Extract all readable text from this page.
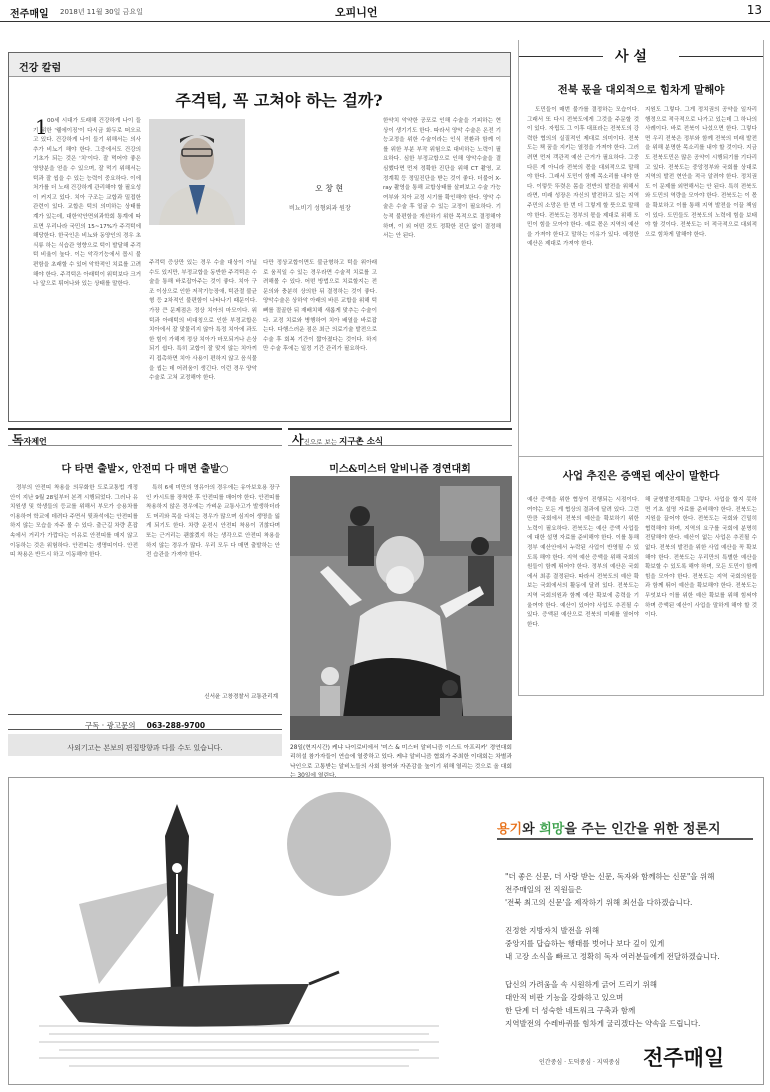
전주매일 2018년 11월 30일 금요일	오피니언	13
건강 칼럼
주걱턱, 꼭 고쳐야 하는 걸까?
1 00세 시대가 도래해 건강하게 나이 들기 위한 '웰에이징'이 다시금 화두로 떠오르고 있다. 건강하게 나이 들기 위해서는 의사추가 비뇨기 해야 한다. 그중에서도 건강의 기초가 되는 것은 '치'이다. 잘 먹어야 좋은 영양분을 얻을 수 있으며, 잘 먹기 위해서는 턱과 잘 씹을 수 있는 능력이 중요하다. 이에 처가를 더 노래 건강하게 관리해야 할 필요성이 커지고 있다. 치아 구조는 교합과 밀접한 관련이 있다. 교합은 턱의 의미하는 상태를 계가 있는데, 대한악안면외과학회 통계에 따르면 우리나라 국민의 15~17%가 주걱턱에 해당한다. 한국인은 비뇨와 동양인의 경우 초식류 하는 식습관 영향으로 턱이 발달해 주걱턱 비율이 높다. 이는 악각기능에서 몹시 불편함을 초래할 수 있어 악학적인 치료를 고려해야 한다. 주걱턱은 아래턱이 위턱보다 크거나 앞으로 튀어나와 있는 상태를 말한다.
오 창 현
비뇨비기 성형외과 원장
주걱턱 증상만 있는 경우 수술 대상이 아닐 수도 있지만, 부정교합을 동반한 주걱턱은 수술을 통해 바로잡아주는 것이 좋다. 치아 구조 이상으로 인한 저작기능장애, 턱관절 불균형 등 2차적인 불편함이 나타나기 때문이다. 가장 큰 문제점은 정상 치아의 마모이다. 위턱과 아래턱의 비대칭으로 인한 부정교합은 치아에서 잘 맞물리지 않아 특정 치아에 과도한 힘이 가해져 정상 치아가 마모되거나 손상되기 쉽다. 특히 교합이 잘 맞지 않는 치아끼리 접촉하면 치아 사용이 편하지 않고 음식물을 씹는 데 어려움이 생긴다. 이런 경우 양악수술로 고쳐 교정해야 한다.
다만 정상교합이면도 불균형하고 턱을 위아래로 움직일 수 있는 경우라면 수술적 치료를 고려해볼 수 있다. 어떤 방법으로 치료할지는 전문의와 충분히 상의한 뒤 결정하는 것이 좋다. 양악수술은 상하악 아래의 바른 교합을 위해 턱뼈를 절골한 뒤 재배치해 새롭게 맞추는 수술이다. 교정 치료와 병행하여 치아 배열을 바로잡는다. 다행스러운 점은 최근 의료기술 발전으로 수술 후 회복 기간이 짧아졌다는 것이다. 하지만 수술 후에는 일정 기간 관리가 필요하다.
한약치 악약한 공포로 인해 수술을 기피하는 현상이 생기기도 한다. 따라서 양악 수술은 온전 기능교정을 위한 수술이라는 인식 전환과 함께 이를 위한 부분 부작 위험으로 대비하는 노력이 필요하다. 심한 부정교합으로 인해 양악수술을 결심했다면 먼저 정확한 진단을 위해 CT 촬영, 교정계획 등 정밀진단을 받는 것이 좋다. 더불어 X-ray 촬영을 통해 교합상태를 살펴보고 수술 가능 여부와 치아 교정 시기를 확인해야 한다. 양악 수술은 수술 후 얼굴 수 있는 교정이 필요하다. 기능적 불편함을 개선하기 위한 목적으로 결정해야 하며, 이 외 어떤 것도 정확한 진단 없이 결정해서는 안 된다.
사 설
전북 몫을 대외적으로 힘차게 말해야
도민들이 매번 불가를 결정하는 모습이다. 그래서 또 다시 전북도에게 그것을 주문할 것이 있다. 자립도 그 이후 대표라는 전북도의 강력한 협의의 실질적인 제대로 의미이다. 전북도는 책 꿈을 지키는 열정을 가져야 한다. 그러려면 먼저 객관적 예산 근거가 필요하다. 그중 다른 게 아니라 전북의 몫을 대외적으로 말해야 한다. 그래서 도민이 함께 목소리를 내야 한다. 이렇듯 뚜렷은 몸을 전반의 발전을 위해서라면, 미래 성장은 자신의 발전하고 있는 지역 주민의 소망은 한 번 더 그렇게 할 뜻으로 말해야 한다. 전북도는 정부의 몫을 제대로 위해 도민이 힘을 모아야 한다. 예로 몫은 지역의 예산을 가져야 한다고 말하는 이유가 있다. 예정한 예산은 제대로 가져야 한다.
지원도 그렇다. 그게 정치권의 공약을 일자리 행정으로 적극적으로 나가고 있는데 그 하나의 사례이다. 바로 전북이 나섰으면 한다. 그렇다면 우리 전북은 정부와 함께 전북의 미래 발전을 위해 분명한 목소리를 내야 할 것이다. 지금도 전북도민은 많은 공약이 시행되기를 기다리고 있다. 전북도는 중앙정부와 국회를 상대로 지역의 발전 현안을 적극 알려야 한다. 정치권도 이 문제를 외면해서는 안 된다. 특히 전북도와 도민의 역량을 모아야 한다. 전북도는 이 몫을 확보하고 이를 통해 지역 발전을 이끌 책임이 있다. 도민들도 전북도의 노력에 힘을 보태야 할 것이다. 전북도는 더 적극적으로 대외적으로 힘차게 말해야 한다.
사업 추진은 증액된 예산이 말한다
예산 증액을 위한 협상이 진행되는 시점이다. 여야는 모든 게 협상의 결과에 달려 있다. 그런 만큼 국회에서 전북의 예산을 확보하기 위한 노력이 필요하다. 전북도는 예산 증액 사업들에 대한 설명 자료를 준비해야 한다. 이를 통해 정부 예산안에서 누락된 사업이 반영될 수 있도록 해야 한다. 지역 예산 증액을 위해 국회의원들이 함께 뛰어야 한다. 정부의 예산은 국회에서 최종 결정된다. 따라서 전북도의 예산 확보는 국회에서의 활동에 달려 있다. 전북도는 지역 국회의원과 함께 예산 확보에 총력을 기울여야 한다. 예산이 있어야 사업도 추진될 수 있다. 증액된 예산으로 전북의 미래를 열어야 한다.
해 균형발전계획을 그렇다. 사업을 할지 못하면 기초 설명 자료를 준비해야 한다. 전북도는 지원을 끌어야 한다. 전북도는 국회와 긴밀히 협력해야 하며, 지역의 요구를 국회에 분명히 전달해야 한다. 예산이 없는 사업은 추진될 수 없다. 전북의 발전을 위한 사업 예산을 꼭 확보해야 한다. 전북도는 우리만의 특별한 예산을 확보할 수 있도록 해야 하며, 모든 도민이 함께 힘을 모아야 한다. 전북도는 지역 국회의원들과 함께 뛰어 예산을 확보해야 한다. 전북도는 무엇보다 이를 위한 예산 확보를 위해 힘써야 하며 증액된 예산이 사업을 말하게 해야 할 것이다.
독자제언
다 타면 출발×, 안전띠 다 매면 출발○
정부의 안전띠 착용을 의무화한 도로교통법 개정안이 지난 9월 28일부터 본격 시행되었다. 그러나 유치원생 및 학생들의 등교를 위해서 부모가 승용차를 이용하여 학교에 데려다 주면서 뒷좌석에는 안전띠를 하지 않는 모습을 자주 볼 수 있다. 출근길 차량 혼잡 속에서 거리가 가깝다는 이유로 안전띠를 매지 않고 이동하는 것은 위험하다. 안전띠는 생명띠이다. 안전띠 착용은 반드시 하고 이동해야 한다.
특히 6세 미만의 영유아의 경우에는 유아보호용 장구인 카시트를 장착한 후 안전띠를 매어야 한다. 안전띠를 착용하지 않은 경우에는 가벼운 교통사고가 발생하더라도 머리와 목을 다치는 경우가 많으며 심지어 생명을 잃게 되기도 한다. 차량 운전시 안전띠 착용이 귀찮다며 또는 근거리는 괜찮겠지 하는 생각으로 안전띠 착용을 하지 않는 경우가 많다. 우리 모두 다 매면 출발하는 안전 습관을 가져야 한다.
신서윤 고창경찰서 교통관리계
구독 · 광고문의 063-288-9700
사외기고는 본보의 편집방향과 다를 수도 있습니다.
사진으로 보는 지구촌 소식
미스&미스터 알비니즘 경연대회
28일(현지시간) 케냐 나이로비에서 '미스 & 미스터 알비니즘 이스트 아프리카' 경연대회 리허설 참가자들이 연습에 열중하고 있다. 케냐 알비니즘 협회가 주최한 이대회는 차별과 낙인으로 고통받는 알비노들의 사회 참여와 자존감을 높이기 위해 열리는 것으로 올 대회는 30일에 열린다.
용기와 희망을 주는 인간을 위한 정론지
"더 좋은 신문, 더 사랑 받는 신문, 독자와 함께하는 신문"을 위해
전주매일의 전 직원들은
'전북 최고의 신문'을 제작하기 위해 최선을 다하겠습니다.
진정한 지방자치 발전을 위해
중앙지를 답습하는 행태를 벗어나 보다 깊이 있게
내 고장 소식을 빠르고 정확히 독자 여러분들에게 전달하겠습니다.
답신의 가려움을 속 시원하게 긁어 드리기 위해
대안적 비판 기능을 강화하고 있으며
한 단계 더 성숙한 네트워크 구축과 함께
지역발전의 수레바퀴를 힘차게 굴리겠다는 약속을 드립니다.
인간중심 · 도덕중심 · 지역중심 전주매일
